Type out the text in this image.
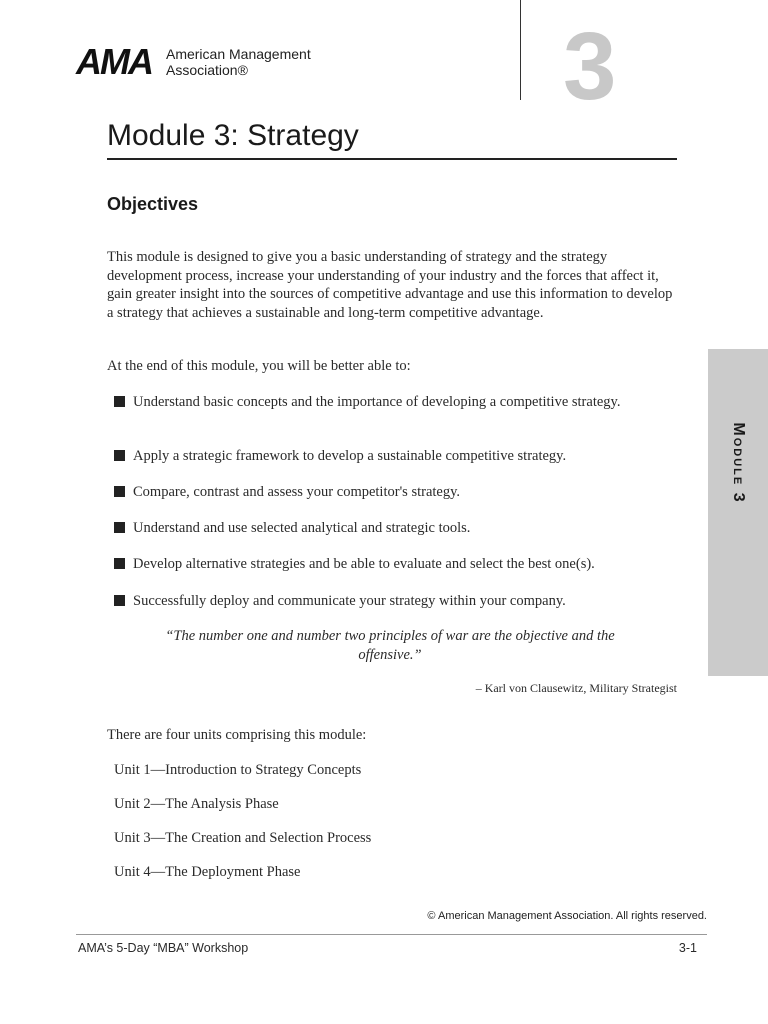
AMA American Management
Association®	3
Module 3: Strategy
Objectives

This module is designed to give you a basic understanding of strategy and the strategy development process, increase your understanding of your industry and the forces that affect it, gain greater insight into the sources of competitive advantage and use this information to develop a strategy that achieves a sustainable and long-term competitive advantage.

At the end of this module, you will be better able to:

Understand basic concepts and the importance of developing a competitive strategy.
Apply a strategic framework to develop a sustainable competitive strategy.
Compare, contrast and assess your competitor's strategy.
Understand and use selected analytical and strategic tools.
Develop alternative strategies and be able to evaluate and select the best one(s).
Successfully deploy and communicate your strategy within your company.

“The number one and number two principles of war are the objective and the offensive.”

– Karl von Clausewitz, Military Strategist

There are four units comprising this module:

Unit 1—Introduction to Strategy Concepts
Unit 2—The Analysis Phase
Unit 3—The Creation and Selection Process
Unit 4—The Deployment Phase

© American Management Association. All rights reserved.

AMA’s 5-Day “MBA” Workshop	3-1

Module 3
